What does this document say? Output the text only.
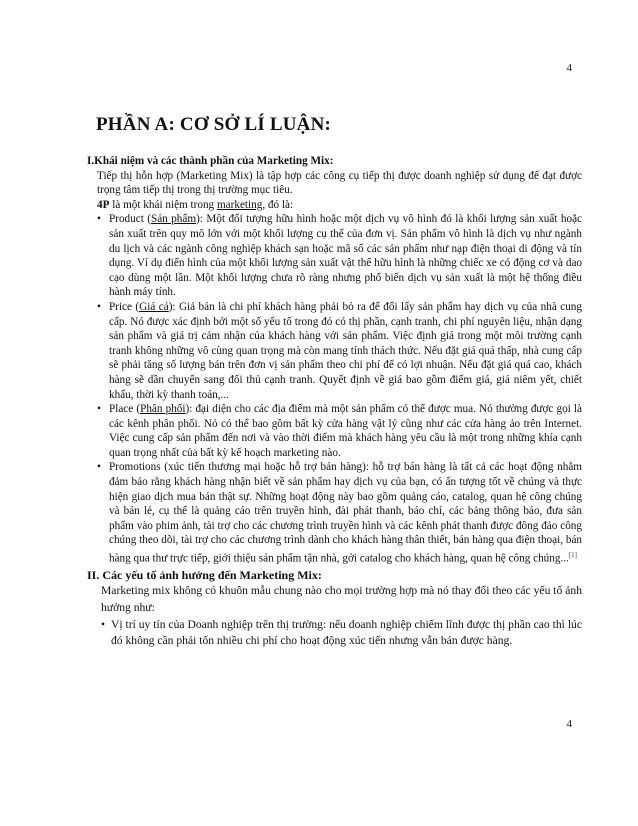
4
PHẦN A: CƠ SỞ LÍ LUẬN:

I.Khái niệm và các thành phần của Marketing Mix:

Tiếp thị hỗn hợp (Marketing Mix) là tập hợp các công cụ tiếp thị được doanh nghiệp sử dụng để đạt được trọng tâm tiếp thị trong thị trường mục tiêu.

4P là một khái niệm trong marketing, đó là:

• Product (Sản phẩm): Một đối tượng hữu hình hoặc một dịch vụ vô hình đó là khối lượng sản xuất hoặc sản xuất trên quy mô lớn với một khối lượng cụ thể của đơn vị. Sản phẩm vô hình là dịch vụ như ngành du lịch và các ngành công nghiệp khách sạn hoặc mã số các sản phẩm như nạp điện thoại di động và tín dụng. Ví dụ điển hình của một khối lượng sản xuất vật thể hữu hình là những chiếc xe có động cơ và dao cạo dùng một lần. Một khối lượng chưa rõ ràng nhưng phổ biến dịch vụ sản xuất là một hệ thống điều hành máy tính.
• Price (Giá cả): Giá bán là chi phí khách hàng phải bỏ ra để đổi lấy sản phẩm hay dịch vụ của nhà cung cấp. Nó được xác định bởi một số yếu tố trong đó có thị phần, cạnh tranh, chi phí nguyên liệu, nhận dạng sản phẩm và giá trị cảm nhận của khách hàng với sản phẩm. Việc định giá trong một môi trường cạnh tranh không những vô cùng quan trọng mà còn mang tính thách thức. Nếu đặt giá quá thấp, nhà cung cấp sẽ phải tăng số lượng bán trên đơn vị sản phẩm theo chi phí để có lợi nhuận. Nếu đặt giá quá cao, khách hàng sẽ dần chuyển sang đối thủ cạnh tranh. Quyết định về giá bao gồm điểm giá, giá niêm yết, chiết khấu, thời kỳ thanh toán,...
• Place (Phân phối): đại diện cho các địa điểm mà một sản phẩm có thể được mua. Nó thường được gọi là các kênh phân phối. Nó có thể bao gồm bất kỳ cửa hàng vật lý cũng như các cửa hàng ảo trên Internet. Việc cung cấp sản phẩm đến nơi và vào thời điểm mà khách hàng yêu cầu là một trong những khía cạnh quan trọng nhất của bất kỳ kế hoạch marketing nào.
• Promotions (xúc tiến thương mại hoặc hỗ trợ bán hàng): hỗ trợ bán hàng là tất cả các hoạt động nhằm đảm bảo rằng khách hàng nhận biết về sản phẩm hay dịch vụ của bạn, có ấn tượng tốt về chúng và thực hiện giao dịch mua bán thật sự. Những hoạt động này bao gồm quảng cáo, catalog, quan hệ công chúng và bán lẻ, cụ thể là quảng cáo trên truyền hình, đài phát thanh, báo chí, các bảng thông báo, đưa sản phẩm vào phim ảnh, tài trợ cho các chương trình truyền hình và các kênh phát thanh được đông đảo công chúng theo dõi, tài trợ cho các chương trình dành cho khách hàng thân thiết, bán hàng qua điện thoại, bán hàng qua thư trực tiếp, giới thiệu sản phẩm tận nhà, gởi catalog cho khách hàng, quan hệ công chúng...[1]

II. Các yếu tố ảnh hưởng đến Marketing Mix:

Marketing mix không có khuôn mẫu chung nào cho mọi trường hợp mà nó thay đổi theo các yếu tố ảnh hưởng như:

• Vị trí uy tín của Doanh nghiệp trên thị trường: nếu doanh nghiệp chiếm lĩnh được thị phần cao thì lúc đó không cần phải tốn nhiều chi phí cho hoạt động xúc tiến nhưng vẫn bán được hàng.
4
